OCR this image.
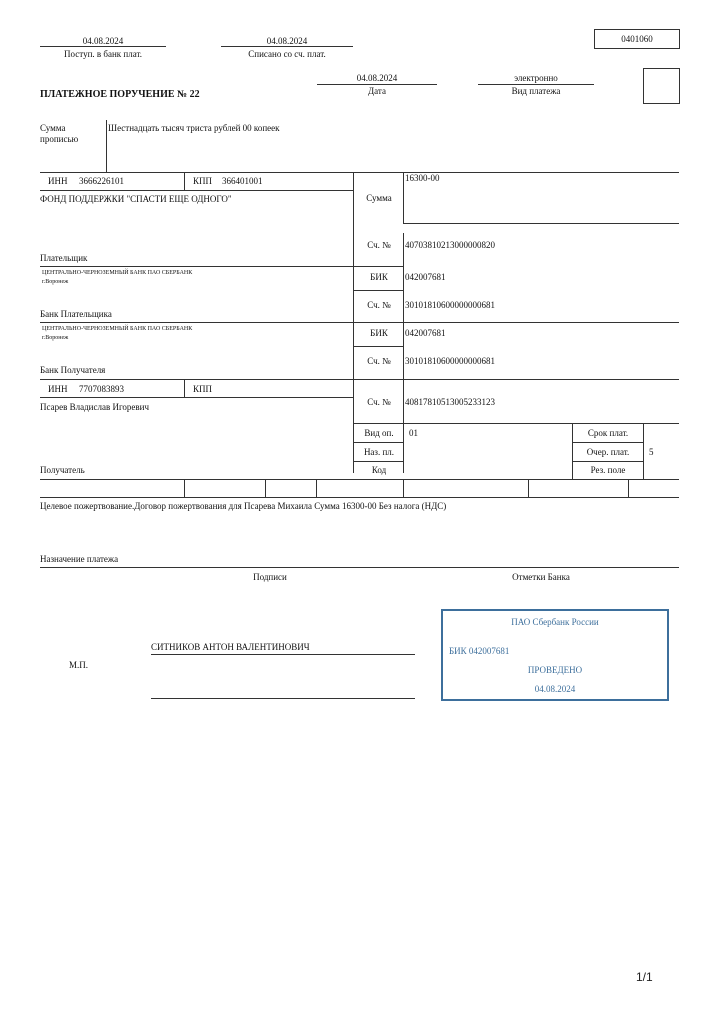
04.08.2024
Поступ. в банк плат.
04.08.2024
Списано со сч. плат.
0401060
ПЛАТЕЖНОЕ ПОРУЧЕНИЕ № 22
04.08.2024
Дата
электронно
Вид платежа
Сумма
прописью
Шестнадцать тысяч триста рублей 00 копеек
ИНН 3666226101	КПП 366401001
ФОНД ПОДДЕРЖКИ "СПАСТИ ЕЩЕ ОДНОГО"
Плательщик
Сумма
16300-00
Сч. №	40703810213000000820
ЦЕНТРАЛЬНО-ЧЕРНОЗЕМНЫЙ БАНК ПАО СБЕРБАНК
г.Воронеж
Банк Плательщика
БИК	042007681
Сч. №	30101810600000000681
ЦЕНТРАЛЬНО-ЧЕРНОЗЕМНЫЙ БАНК ПАО СБЕРБАНК
г.Воронеж
Банк Получателя
БИК	042007681
Сч. №	30101810600000000681
ИНН 7707083893	КПП
Псарев Владислав Игоревич
Получатель
Сч. №	40817810513005233123
Вид оп.	01
Наз. пл.
Код
Срок плат.
Очер. плат.	5
Рез. поле
Целевое пожертвование.Договор пожертвования для Псарева Михаила Сумма 16300-00 Без налога (НДС)
Назначение платежа
Подписи	Отметки Банка
СИТНИКОВ АНТОН ВАЛЕНТИНОВИЧ
М.П.
ПАО Сбербанк России
БИК 042007681
ПРОВЕДЕНО
04.08.2024
1/1
